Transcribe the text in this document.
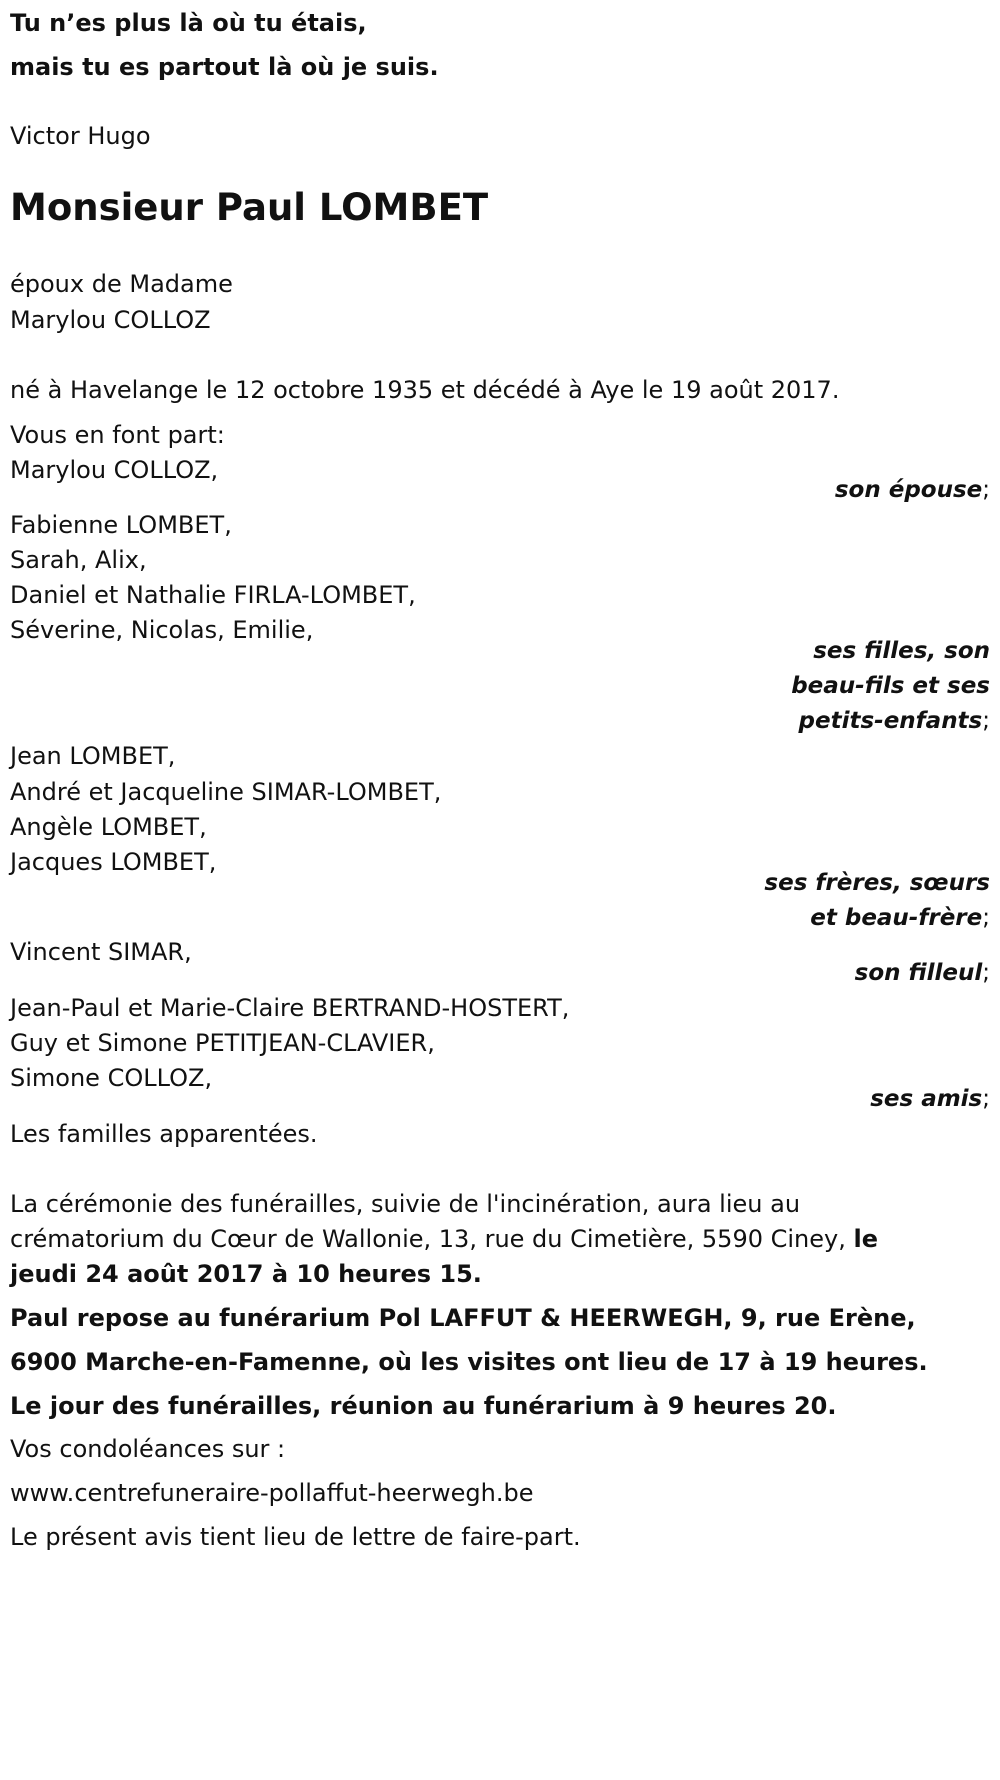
Tu n’es plus là où tu étais,
mais tu es partout là où je suis.
Victor Hugo
Monsieur Paul LOMBET
époux de Madame
Marylou COLLOZ
né à Havelange le 12 octobre 1935 et décédé à Aye le 19 août 2017.
Vous en font part:
Marylou COLLOZ,
son épouse;
Fabienne LOMBET,
Sarah, Alix,
Daniel et Nathalie FIRLA-LOMBET,
Séverine, Nicolas, Emilie,
ses filles, son
beau-fils et ses
petits-enfants;
Jean LOMBET,
André et Jacqueline SIMAR-LOMBET,
Angèle LOMBET,
Jacques LOMBET,
ses frères, sœurs
et beau-frère;
Vincent SIMAR,
son filleul;
Jean-Paul et Marie-Claire BERTRAND-HOSTERT,
Guy et Simone PETITJEAN-CLAVIER,
Simone COLLOZ,
ses amis;
Les familles apparentées.
La cérémonie des funérailles, suivie de l'incinération, aura lieu au
crématorium du Cœur de Wallonie, 13, rue du Cimetière, 5590 Ciney, le
jeudi 24 août 2017 à 10 heures 15.
Paul repose au funérarium Pol LAFFUT & HEERWEGH, 9, rue Erène,
6900 Marche-en-Famenne, où les visites ont lieu de 17 à 19 heures.
Le jour des funérailles, réunion au funérarium à 9 heures 20.
Vos condoléances sur :
www.centrefuneraire-pollaffut-heerwegh.be
Le présent avis tient lieu de lettre de faire-part.
